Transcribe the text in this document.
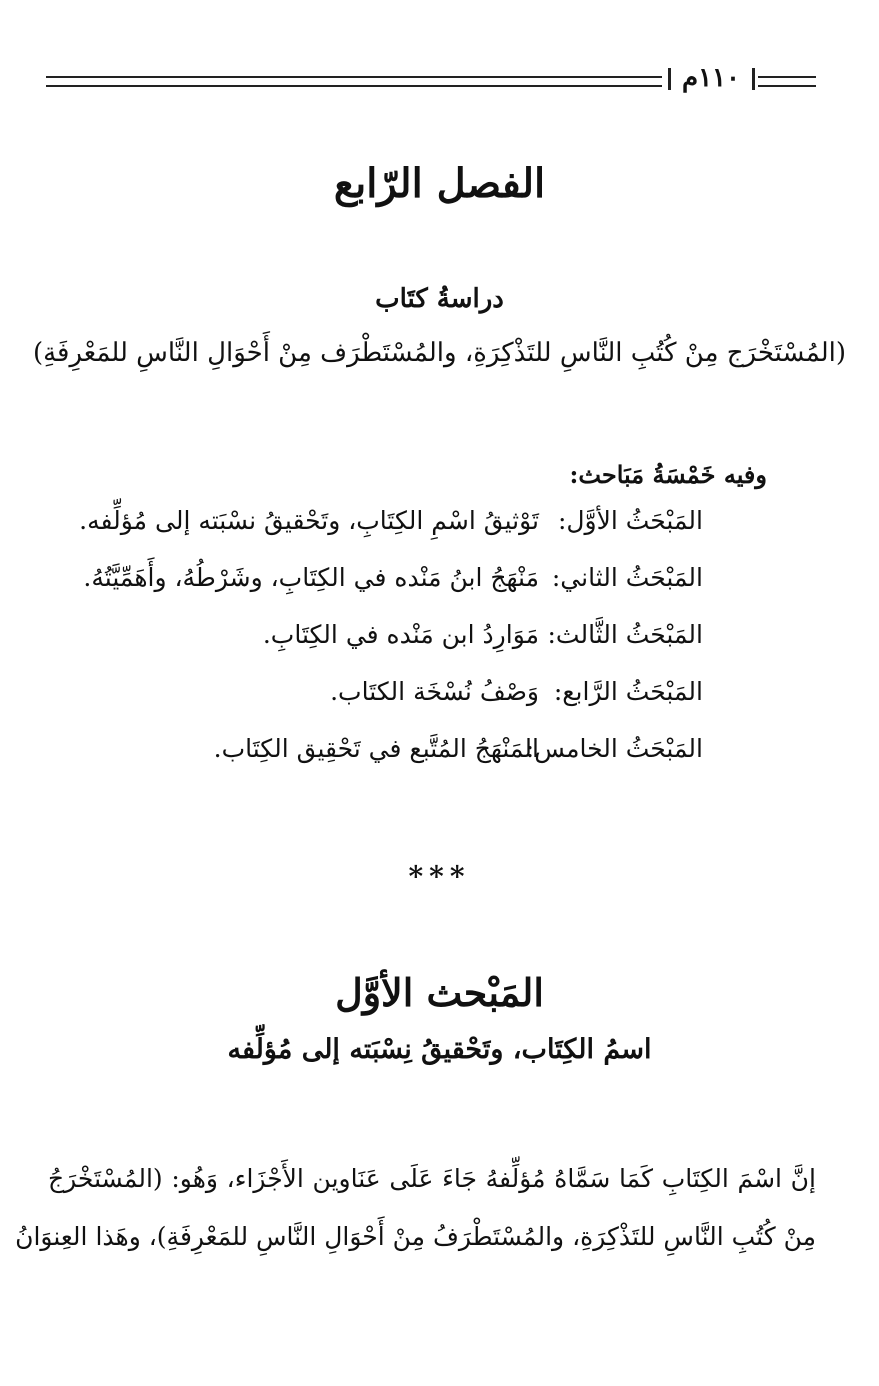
١١٠م
الفصل الرّابع
دراسةُ كتَاب
(المُسْتَخْرَج مِنْ كُتُبِ النَّاسِ للتَذْكِرَةِ، والمُسْتَطْرَف مِنْ أَحْوَالِ النَّاسِ للمَعْرِفَةِ)
وفيه خَمْسَةُ مَبَاحث:
المَبْحَثُ الأوَّل:
تَوْثيقُ اسْمِ الكِتَابِ، وتَحْقيقُ نسْبَته إلى مُؤلِّفه.
المَبْحَثُ الثاني:
مَنْهَجُ ابنُ مَنْده في الكِتَابِ، وشَرْطُهُ، وأَهَمِّيَّتُهُ.
المَبْحَثُ الثَّالث:
مَوَارِدُ ابن مَنْده في الكِتَابِ.
المَبْحَثُ الرَّابع:
وَصْفُ نُسْخَة الكتَاب.
المَبْحَثُ الخامس:
المَنْهَجُ المُتَّبع في تَحْقِيق الكِتَاب.
***
المَبْحث الأوَّل
اسمُ الكِتَاب، وتَحْقيقُ نِسْبَته إلى مُؤلِّفه

إنَّ اسْمَ الكِتَابِ كَمَا سَمَّاهُ مُؤلِّفهُ جَاءَ عَلَى عَنَاوين الأَجْزَاء، وَهُو: (المُسْتَخْرَجُ

مِنْ كُتُبِ النَّاسِ للتَذْكِرَةِ، والمُسْتَطْرَفُ مِنْ أَحْوَالِ النَّاسِ للمَعْرِفَةِ)، وهَذا العِنوَانُ
